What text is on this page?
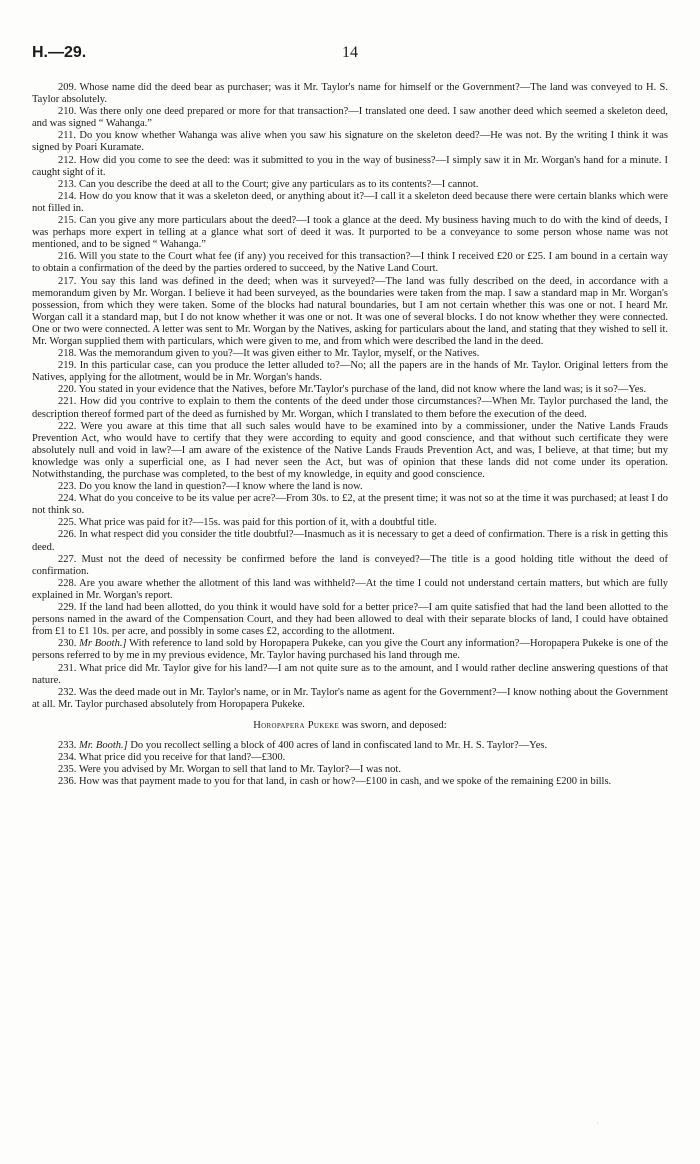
H.—29.	14

209. Whose name did the deed bear as purchaser; was it Mr. Taylor's name for himself or the Government?—The land was conveyed to H. S. Taylor absolutely.

210. Was there only one deed prepared or more for that transaction?—I translated one deed. I saw another deed which seemed a skeleton deed, and was signed “ Wahanga.”

211. Do you know whether Wahanga was alive when you saw his signature on the skeleton deed?—He was not. By the writing I think it was signed by Poari Kuramate.

212. How did you come to see the deed: was it submitted to you in the way of business?—I simply saw it in Mr. Worgan's hand for a minute. I caught sight of it.

213. Can you describe the deed at all to the Court; give any particulars as to its contents?—I cannot.

214. How do you know that it was a skeleton deed, or anything about it?—I call it a skeleton deed because there were certain blanks which were not filled in.

215. Can you give any more particulars about the deed?—I took a glance at the deed. My business having much to do with the kind of deeds, I was perhaps more expert in telling at a glance what sort of deed it was. It purported to be a conveyance to some person whose name was not mentioned, and to be signed “ Wahanga.”

216. Will you state to the Court what fee (if any) you received for this transaction?—I think I received £20 or £25. I am bound in a certain way to obtain a confirmation of the deed by the parties ordered to succeed, by the Native Land Court.

217. You say this land was defined in the deed; when was it surveyed?—The land was fully described on the deed, in accordance with a memorandum given by Mr. Worgan. I believe it had been surveyed, as the boundaries were taken from the map. I saw a standard map in Mr. Worgan's possession, from which they were taken. Some of the blocks had natural boundaries, but I am not certain whether this was one or not. I heard Mr. Worgan call it a standard map, but I do not know whether it was one or not. It was one of several blocks. I do not know whether they were connected. One or two were connected. A letter was sent to Mr. Worgan by the Natives, asking for particulars about the land, and stating that they wished to sell it. Mr. Worgan supplied them with particulars, which were given to me, and from which were described the land in the deed.

218. Was the memorandum given to you?—It was given either to Mr. Taylor, myself, or the Natives.

219. In this particular case, can you produce the letter alluded to?—No; all the papers are in the hands of Mr. Taylor. Original letters from the Natives, applying for the allotment, would be in Mr. Worgan's hands.

220. You stated in your evidence that the Natives, before Mr.'Taylor's purchase of the land, did not know where the land was; is it so?—Yes.

221. How did you contrive to explain to them the contents of the deed under those circumstances?—When Mr. Taylor purchased the land, the description thereof formed part of the deed as furnished by Mr. Worgan, which I translated to them before the execution of the deed.

222. Were you aware at this time that all such sales would have to be examined into by a commissioner, under the Native Lands Frauds Prevention Act, who would have to certify that they were according to equity and good conscience, and that without such certificate they were absolutely null and void in law?—I am aware of the existence of the Native Lands Frauds Prevention Act, and was, I believe, at that time; but my knowledge was only a superficial one, as I had never seen the Act, but was of opinion that these lands did not come under its operation. Notwithstanding, the purchase was completed, to the best of my knowledge, in equity and good conscience.

223. Do you know the land in question?—I know where the land is now.

224. What do you conceive to be its value per acre?—From 30s. to £2, at the present time; it was not so at the time it was purchased; at least I do not think so.

225. What price was paid for it?—15s. was paid for this portion of it, with a doubtful title.

226. In what respect did you consider the title doubtful?—Inasmuch as it is necessary to get a deed of confirmation. There is a risk in getting this deed.

227. Must not the deed of necessity be confirmed before the land is conveyed?—The title is a good holding title without the deed of confirmation.

228. Are you aware whether the allotment of this land was withheld?—At the time I could not understand certain matters, but which are fully explained in Mr. Worgan's report.

229. If the land had been allotted, do you think it would have sold for a better price?—I am quite satisfied that had the land been allotted to the persons named in the award of the Compensation Court, and they had been allowed to deal with their separate blocks of land, I could have obtained from £1 to £1 10s. per acre, and possibly in some cases £2, according to the allotment.

230. Mr Booth.] With reference to land sold by Horopapera Pukeke, can you give the Court any information?—Horopapera Pukeke is one of the persons referred to by me in my previous evidence, Mr. Taylor having purchased his land through me.

231. What price did Mr. Taylor give for his land?—I am not quite sure as to the amount, and I would rather decline answering questions of that nature.

232. Was the deed made out in Mr. Taylor's name, or in Mr. Taylor's name as agent for the Government?—I know nothing about the Government at all. Mr. Taylor purchased absolutely from Horopapera Pukeke.

Horopapera Pukeke was sworn, and deposed:

233. Mr. Booth.] Do you recollect selling a block of 400 acres of land in confiscated land to Mr. H. S. Taylor?—Yes.

234. What price did you receive for that land?—£300.

235. Were you advised by Mr. Worgan to sell that land to Mr. Taylor?—I was not.

236. How was that payment made to you for that land, in cash or how?—£100 in cash, and we spoke of the remaining £200 in bills.

·
